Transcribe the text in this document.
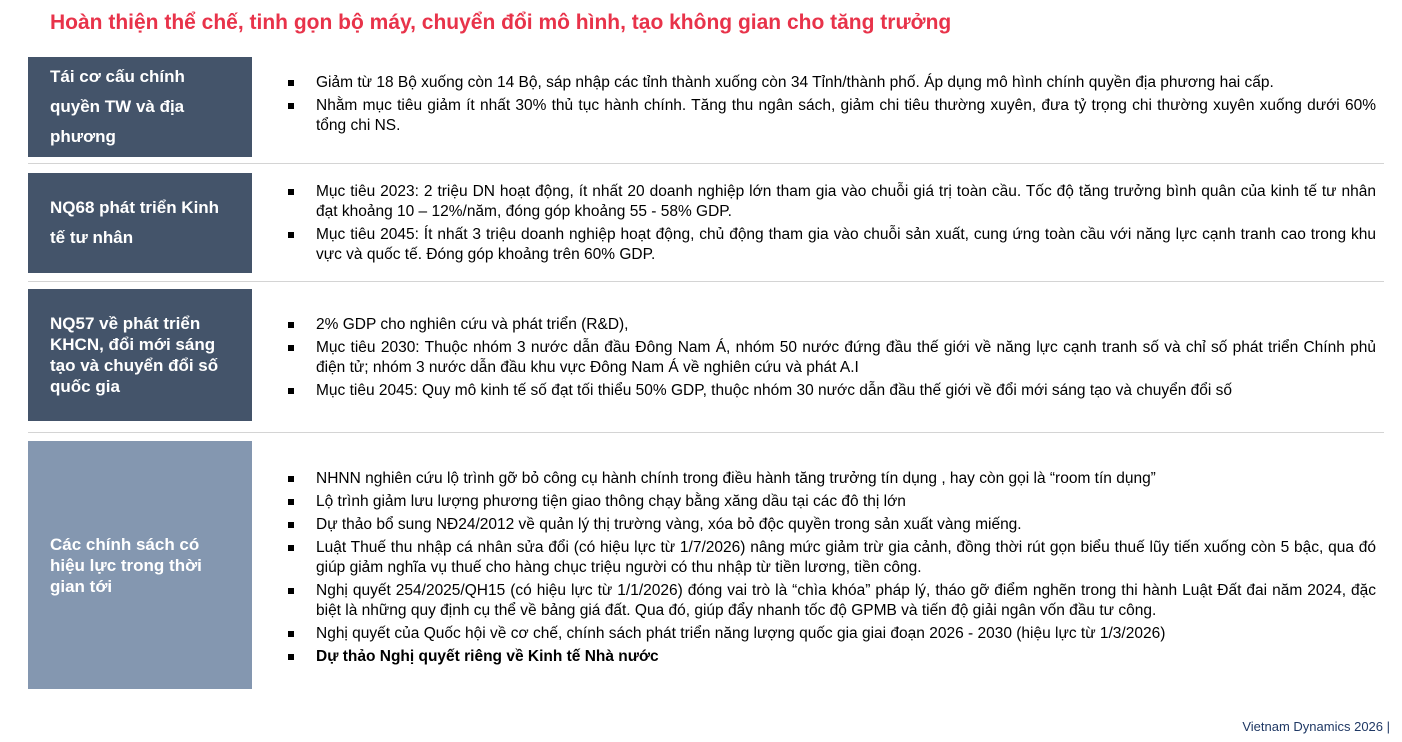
Hoàn thiện thể chế, tinh gọn bộ máy, chuyển đổi mô hình, tạo không gian cho tăng trưởng
Tái cơ cấu chính quyền TW và địa phương
Giảm từ 18 Bộ xuống còn 14 Bộ, sáp nhập các tỉnh thành xuống còn 34 Tỉnh/thành phố. Áp dụng mô hình chính quyền địa phương hai cấp.
Nhằm mục tiêu giảm ít nhất 30% thủ tục hành chính. Tăng thu ngân sách, giảm chi tiêu thường xuyên, đưa tỷ trọng chi thường xuyên xuống dưới 60% tổng chi NS.
NQ68 phát triển Kinh tế tư nhân
Mục tiêu 2023: 2 triệu DN hoạt động, ít nhất 20 doanh nghiệp lớn tham gia vào chuỗi giá trị toàn cầu. Tốc độ tăng trưởng bình quân của kinh tế tư nhân đạt khoảng 10 – 12%/năm, đóng góp khoảng 55 - 58% GDP.
Mục tiêu 2045: Ít nhất 3 triệu doanh nghiệp hoạt động, chủ động tham gia vào chuỗi sản xuất, cung ứng toàn cầu với năng lực cạnh tranh cao trong khu vực và quốc tế. Đóng góp khoảng trên 60% GDP.
NQ57 về phát triển KHCN, đổi mới sáng tạo và chuyển đổi số quốc gia
2% GDP cho nghiên cứu và phát triển (R&D),
Mục tiêu 2030: Thuộc nhóm 3 nước dẫn đầu Đông Nam Á, nhóm 50 nước đứng đầu thế giới về năng lực cạnh tranh số và chỉ số phát triển Chính phủ điện tử; nhóm 3 nước dẫn đầu khu vực Đông Nam Á về nghiên cứu và phát A.I
Mục tiêu 2045: Quy mô kinh tế số đạt tối thiểu 50% GDP, thuộc nhóm 30 nước dẫn đầu thế giới về đổi mới sáng tạo và chuyển đổi số
Các chính sách có hiệu lực trong thời gian tới
NHNN nghiên cứu lộ trình gỡ bỏ công cụ hành chính trong điều hành tăng trưởng tín dụng , hay còn gọi là “room tín dụng”
Lộ trình giảm lưu lượng phương tiện giao thông chạy bằng xăng dầu tại các đô thị lớn
Dự thảo bổ sung NĐ24/2012 về quản lý thị trường vàng, xóa bỏ độc quyền trong sản xuất vàng miếng.
Luật Thuế thu nhập cá nhân sửa đổi (có hiệu lực từ 1/7/2026) nâng mức giảm trừ gia cảnh, đồng thời rút gọn biểu thuế lũy tiến xuống còn 5 bậc, qua đó giúp giảm nghĩa vụ thuế cho hàng chục triệu người có thu nhập từ tiền lương, tiền công.
Nghị quyết 254/2025/QH15 (có hiệu lực từ 1/1/2026) đóng vai trò là “chìa khóa” pháp lý, tháo gỡ điểm nghẽn trong thi hành Luật Đất đai năm 2024, đặc biệt là những quy định cụ thể về bảng giá đất. Qua đó, giúp đẩy nhanh tốc độ GPMB và tiến độ giải ngân vốn đầu tư công.
Nghị quyết của Quốc hội về cơ chế, chính sách phát triển năng lượng quốc gia giai đoạn 2026 - 2030 (hiệu lực từ 1/3/2026)
Dự thảo Nghị quyết riêng về Kinh tế Nhà nước
Vietnam Dynamics 2026 |
